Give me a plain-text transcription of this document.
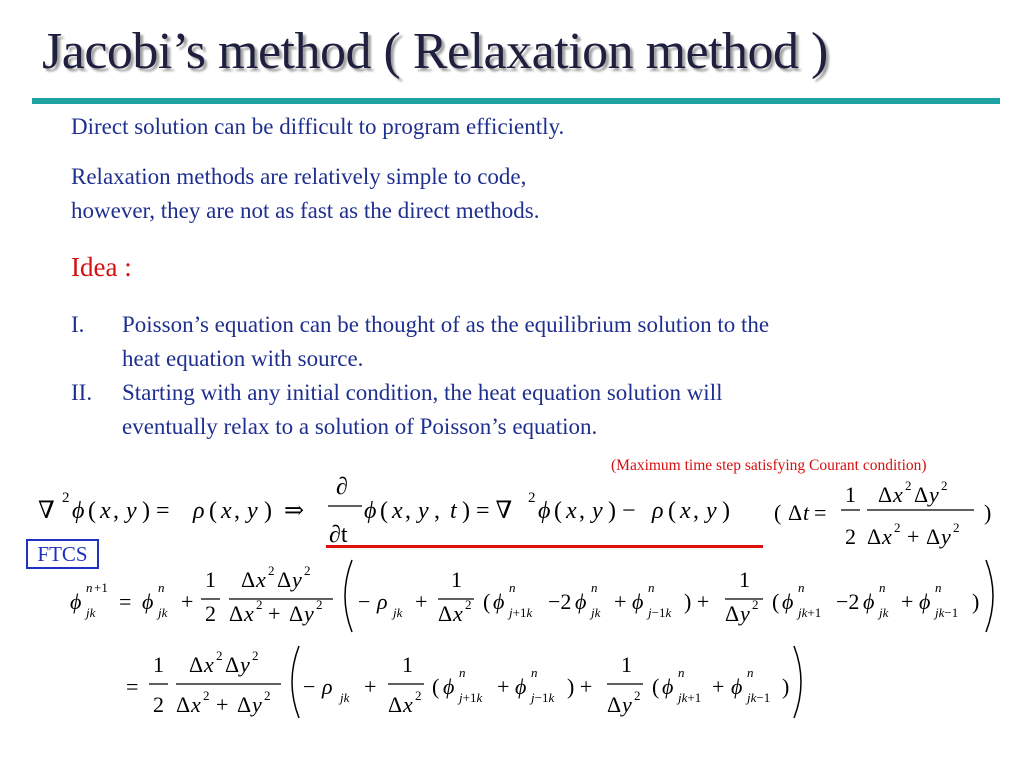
Jacobi’s method ( Relaxation method )
Direct solution can be difficult to program efficiently.
Relaxation methods are relatively simple to code,
however, they are not as fast as the direct methods.
Idea :
I. Poisson’s equation can be thought of as the equilibrium solution to the
heat equation with source.
II. Starting with any initial condition, the heat equation solution will
eventually relax to a solution of Poisson’s equation.
(Maximum time step satisfying Courant condition)
FTCS
∇ 2 ϕ ( x , y ) = ρ ( x , y ) ⇒
∂
∂t
ϕ ( x , y , t ) = ∇ 2 ϕ ( x , y ) − ρ ( x , y ) ( Δ t =
1
2
Δ x 2 Δ y 2
Δ x 2 + Δ y 2
)
ϕ
n +1
jk = ϕ
n
jk +
1
2
Δ x 2 Δ y 2
Δ x 2 + Δ y 2 − ρ jk +
1
Δ x 2 ( ϕ
n
j+1k −2 ϕ
n
jk + ϕ
n
j−1k ) +
1
Δ y 2 ( ϕ
n
jk+1 −2 ϕ
n
jk + ϕ
n
jk−1 )
=
1
2
Δ x 2 Δ y 2
Δ x 2 + Δ y 2 − ρ jk +
1
Δ x 2 ( ϕ
n
j+1k + ϕ
n
j−1k ) +
1
Δ y 2 ( ϕ
n
jk+1 + ϕ
n
jk−1 )
